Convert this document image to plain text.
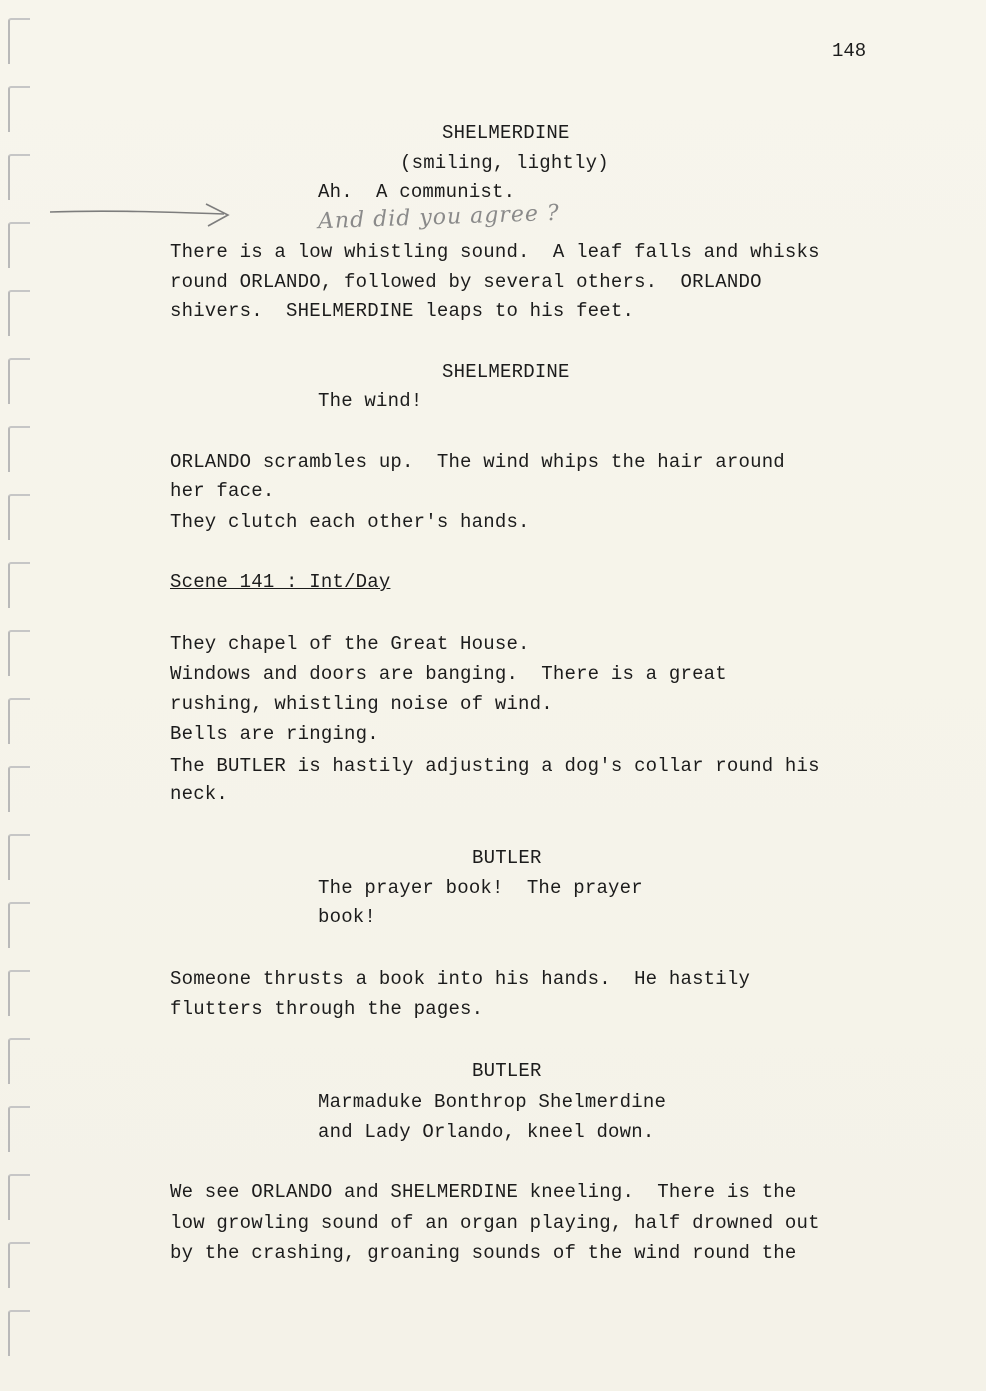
148
And did you agree ?
SHELMERDINE
(smiling, lightly)
Ah.  A communist.
There is a low whistling sound.  A leaf falls and whisks
round ORLANDO, followed by several others.  ORLANDO
shivers.  SHELMERDINE leaps to his feet.
SHELMERDINE
The wind!
ORLANDO scrambles up.  The wind whips the hair around
her face.
They clutch each other's hands.
Scene 141 : Int/Day
They chapel of the Great House.
Windows and doors are banging.  There is a great
rushing, whistling noise of wind.
Bells are ringing.
The BUTLER is hastily adjusting a dog's collar round his
neck.
BUTLER
The prayer book!  The prayer
book!
Someone thrusts a book into his hands.  He hastily
flutters through the pages.
BUTLER
Marmaduke Bonthrop Shelmerdine
and Lady Orlando, kneel down.
We see ORLANDO and SHELMERDINE kneeling.  There is the
low growling sound of an organ playing, half drowned out
by the crashing, groaning sounds of the wind round the
